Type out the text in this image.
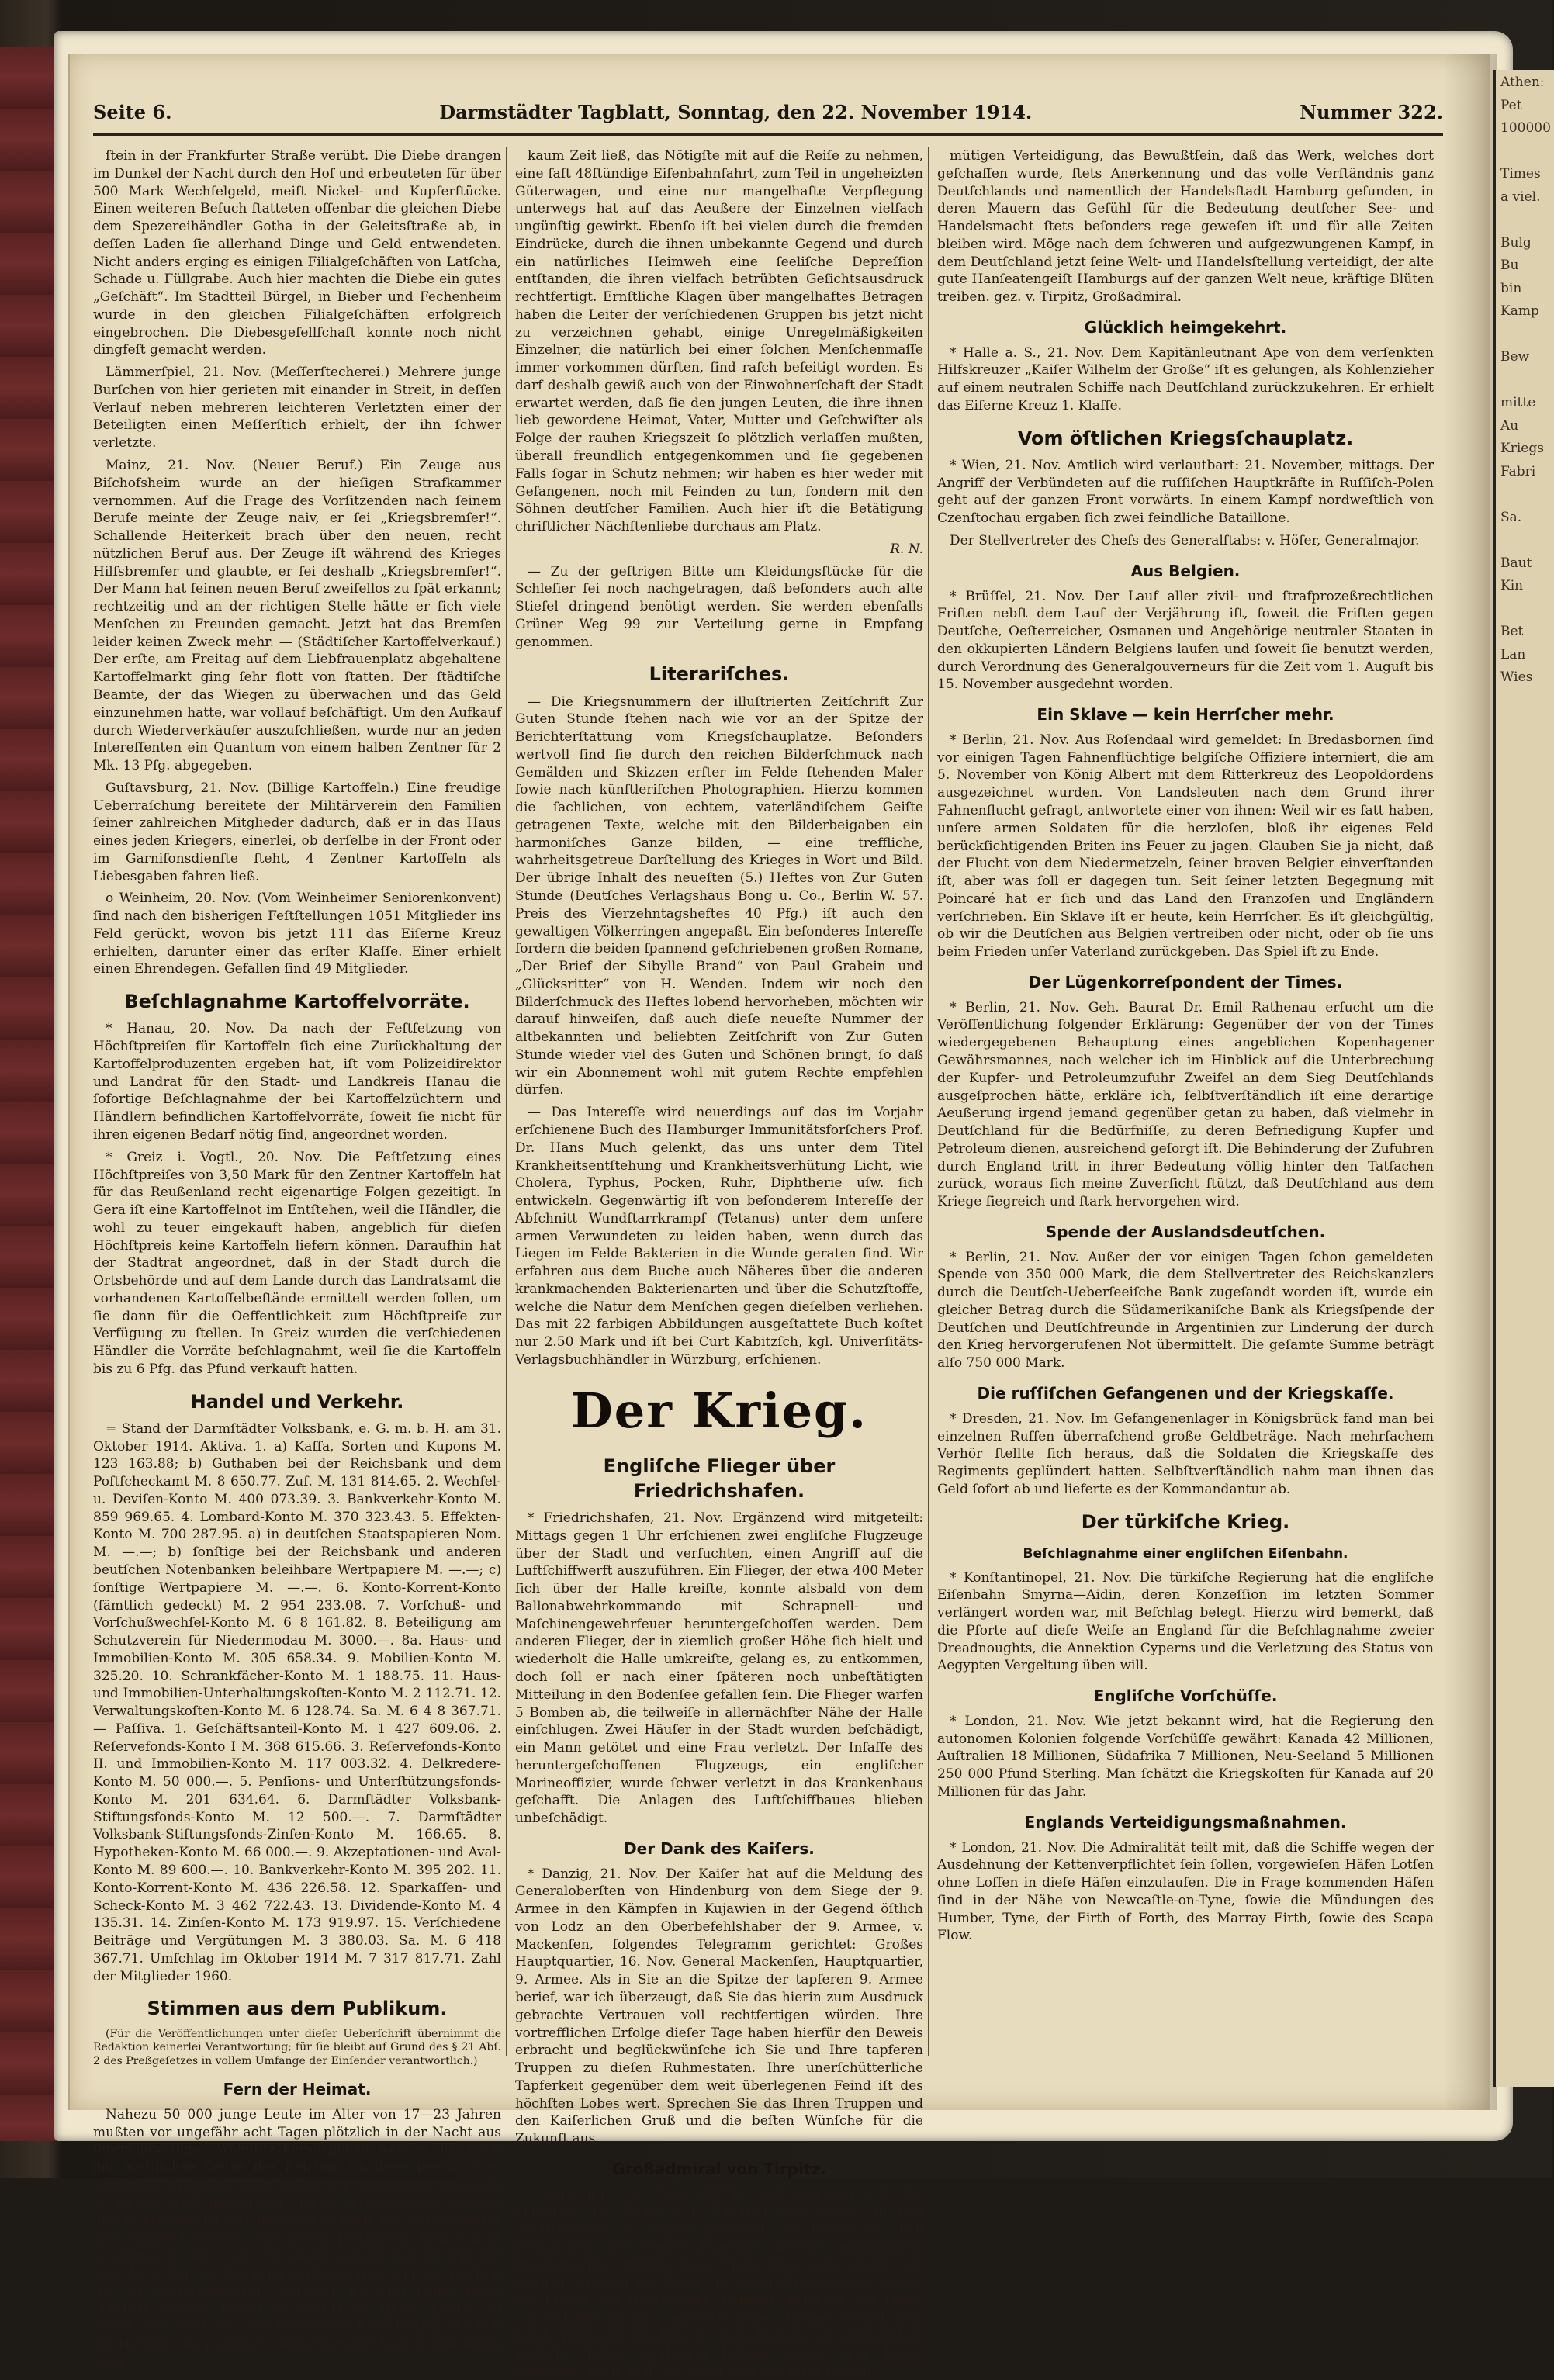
Seite 6.	Darmstädter Tagblatt, Sonntag, den 22. November 1914.	Nummer 322.

ſtein in der Frankfurter Straße verübt. Die Diebe drangen im Dunkel der Nacht durch den Hof und erbeuteten für über 500 Mark Wechſelgeld, meiſt Nickel- und Kupferſtücke. Einen weiteren Beſuch ſtatteten offenbar die gleichen Diebe dem Spezereihändler Gotha in der Geleitsſtraße ab, in deſſen Laden ſie allerhand Dinge und Geld entwendeten. Nicht anders erging es einigen Filialgeſchäften von Latſcha, Schade u. Füllgrabe. Auch hier machten die Diebe ein gutes „Geſchäft“. Im Stadtteil Bürgel, in Bieber und Fechenheim wurde in den gleichen Filialgeſchäften erfolgreich eingebrochen. Die Diebesgeſellſchaft konnte noch nicht dingfeſt gemacht werden.

Lämmerſpiel, 21. Nov. (Meſſerſtecherei.) Mehrere junge Burſchen von hier gerieten mit einander in Streit, in deſſen Verlauf neben mehreren leichteren Verletzten einer der Beteiligten einen Meſſerſtich erhielt, der ihn ſchwer verletzte.

Mainz, 21. Nov. (Neuer Beruf.) Ein Zeuge aus Biſchofsheim wurde an der hieſigen Strafkammer vernommen. Auf die Frage des Vorſitzenden nach ſeinem Berufe meinte der Zeuge naiv, er ſei „Kriegsbremſer!“. Schallende Heiterkeit brach über den neuen, recht nützlichen Beruf aus. Der Zeuge iſt während des Krieges Hilfsbremſer und glaubte, er ſei deshalb „Kriegsbremſer!“. Der Mann hat ſeinen neuen Beruf zweifellos zu ſpät erkannt; rechtzeitig und an der richtigen Stelle hätte er ſich viele Menſchen zu Freunden gemacht. Jetzt hat das Bremſen leider keinen Zweck mehr. — (Städtiſcher Kartoffelverkauf.) Der erſte, am Freitag auf dem Liebfrauenplatz abgehaltene Kartoffelmarkt ging ſehr flott von ſtatten. Der ſtädtiſche Beamte, der das Wiegen zu überwachen und das Geld einzunehmen hatte, war vollauf beſchäftigt. Um den Aufkauf durch Wiederverkäufer auszuſchließen, wurde nur an jeden Intereſſenten ein Quantum von einem halben Zentner für 2 Mk. 13 Pfg. abgegeben.

Guſtavsburg, 21. Nov. (Billige Kartoffeln.) Eine freudige Ueberraſchung bereitete der Militärverein den Familien ſeiner zahlreichen Mitglieder dadurch, daß er in das Haus eines jeden Kriegers, einerlei, ob derſelbe in der Front oder im Garniſonsdienſte ſteht, 4 Zentner Kartoffeln als Liebesgaben fahren ließ.

o Weinheim, 20. Nov. (Vom Weinheimer Seniorenkonvent) ſind nach den bisherigen Feſtſtellungen 1051 Mitglieder ins Feld gerückt, wovon bis jetzt 111 das Eiſerne Kreuz erhielten, darunter einer das erſter Klaſſe. Einer erhielt einen Ehrendegen. Gefallen ſind 49 Mitglieder.

Beſchlagnahme Kartoffelvorräte.

* Hanau, 20. Nov. Da nach der Feſtſetzung von Höchſtpreiſen für Kartoffeln ſich eine Zurückhaltung der Kartoffelproduzenten ergeben hat, iſt vom Polizeidirektor und Landrat für den Stadt- und Landkreis Hanau die ſofortige Beſchlagnahme der bei Kartoffelzüchtern und Händlern befindlichen Kartoffelvorräte, ſoweit ſie nicht für ihren eigenen Bedarf nötig ſind, angeordnet worden.

* Greiz i. Vogtl., 20. Nov. Die Feſtſetzung eines Höchſtpreiſes von 3,50 Mark für den Zentner Kartoffeln hat für das Reußenland recht eigenartige Folgen gezeitigt. In Gera iſt eine Kartoffelnot im Entſtehen, weil die Händler, die wohl zu teuer eingekauft haben, angeblich für dieſen Höchſtpreis keine Kartoffeln liefern können. Daraufhin hat der Stadtrat angeordnet, daß in der Stadt durch die Ortsbehörde und auf dem Lande durch das Landratsamt die vorhandenen Kartoffelbeſtände ermittelt werden ſollen, um ſie dann für die Oeffentlichkeit zum Höchſtpreiſe zur Verfügung zu ſtellen. In Greiz wurden die verſchiedenen Händler die Vorräte beſchlagnahmt, weil ſie die Kartoffeln bis zu 6 Pfg. das Pfund verkauft hatten.

Handel und Verkehr.

= Stand der Darmſtädter Volksbank, e. G. m. b. H. am 31. Oktober 1914. Aktiva. 1. a) Kaſſa, Sorten und Kupons M. 123 163.88; b) Guthaben bei der Reichsbank und dem Poſtſcheckamt M. 8 650.77. Zuſ. M. 131 814.65. 2. Wechſel- u. Deviſen-Konto M. 400 073.39. 3. Bankverkehr-Konto M. 859 969.65. 4. Lombard-Konto M. 370 323.43. 5. Effekten-Konto M. 700 287.95. a) in deutſchen Staatspapieren Nom. M. —.—; b) ſonſtige bei der Reichsbank und anderen beutſchen Notenbanken beleihbare Wertpapiere M. —.—; c) ſonſtige Wertpapiere M. —.—. 6. Konto-Korrent-Konto (ſämtlich gedeckt) M. 2 954 233.08. 7. Vorſchuß- und Vorſchußwechſel-Konto M. 6 8 161.82. 8. Beteiligung am Schutzverein für Niedermodau M. 3000.—. 8a. Haus- und Immobilien-Konto M. 305 658.34. 9. Mobilien-Konto M. 325.20. 10. Schrankfächer-Konto M. 1 188.75. 11. Haus- und Immobilien-Unterhaltungskoſten-Konto M. 2 112.71. 12. Verwaltungskoſten-Konto M. 6 128.74. Sa. M. 6 4 8 367.71. — Paſſiva. 1. Geſchäftsanteil-Konto M. 1 427 609.06. 2. Reſervefonds-Konto I M. 368 615.66. 3. Reſervefonds-Konto II. und Immobilien-Konto M. 117 003.32. 4. Delkredere-Konto M. 50 000.—. 5. Penſions- und Unterſtützungsfonds-Konto M. 201 634.64. 6. Darmſtädter Volksbank-Stiftungsfonds-Konto M. 12 500.—. 7. Darmſtädter Volksbank-Stiftungsfonds-Zinſen-Konto M. 166.65. 8. Hypotheken-Konto M. 66 000.—. 9. Akzeptationen- und Aval-Konto M. 89 600.—. 10. Bankverkehr-Konto M. 395 202. 11. Konto-Korrent-Konto M. 436 226.58. 12. Sparkaſſen- und Scheck-Konto M. 3 462 722.43. 13. Dividende-Konto M. 4 135.31. 14. Zinſen-Konto M. 173 919.97. 15. Verſchiedene Beiträge und Vergütungen M. 3 380.03. Sa. M. 6 418 367.71. Umſchlag im Oktober 1914 M. 7 317 817.71. Zahl der Mitglieder 1960.

Stimmen aus dem Publikum.

(Für die Veröffentlichungen unter dieſer Ueberſchrift übernimmt die Redaktion keinerlei Verantwortung; für ſie bleibt auf Grund des § 21 Abſ. 2 des Preßgeſetzes in vollem Umfange der Einſender verantwortlich.)

Fern der Heimat.

Nahezu 50 000 junge Leute im Alter von 17—23 Jahren mußten vor ungefähr acht Tagen plötzlich in der Nacht aus ihrem jeweiligen Wohnſitz herausgeholt werden, um nach den weſtlichen Teilen des Reiches um ihrer perſönlichen Sicherheit willen geſchickt zu werden. 5000 davon ſind auch in unſere Stadt gekommen und in verſchiedenen Schulen uſw. in Maſſenquartiere gebracht worden, wo ſie beherbergt und verpflegt werden. Aus dieſem plötzlichen Aufbruch iſt es natürlich, daß viele von dieſen jungen Leuten nur mit dem Nötigſten an Kleidung verſehen ſind und die meiſten ſich in Geldverlegenheit befinden. Es wird daher recht herzlich gebeten, ſoweit es möglich iſt, dieſen Leuten zu helfen, was wohl auch aus Kreiſen der Bevölkerung, die ſich ein Herz für die jungen Schleſier bewahrt haben, geſchehen wird.

kaum Zeit ließ, das Nötigſte mit auf die Reiſe zu nehmen, eine faſt 48ſtündige Eiſenbahnfahrt, zum Teil in ungeheizten Güterwagen, und eine nur mangelhafte Verpflegung unterwegs hat auf das Aeußere der Einzelnen vielfach ungünſtig gewirkt. Ebenſo iſt bei vielen durch die fremden Eindrücke, durch die ihnen unbekannte Gegend und durch ein natürliches Heimweh eine ſeeliſche Depreſſion entſtanden, die ihren vielfach betrübten Geſichtsausdruck rechtfertigt. Ernſtliche Klagen über mangelhaftes Betragen haben die Leiter der verſchiedenen Gruppen bis jetzt nicht zu verzeichnen gehabt, einige Unregelmäßigkeiten Einzelner, die natürlich bei einer ſolchen Menſchenmaſſe immer vorkommen dürften, ſind raſch beſeitigt worden. Es darf deshalb gewiß auch von der Einwohnerſchaft der Stadt erwartet werden, daß ſie den jungen Leuten, die ihre ihnen lieb gewordene Heimat, Vater, Mutter und Geſchwiſter als Folge der rauhen Kriegszeit ſo plötzlich verlaſſen mußten, überall freundlich entgegenkommen und ſie gegebenen Falls ſogar in Schutz nehmen; wir haben es hier weder mit Gefangenen, noch mit Feinden zu tun, ſondern mit den Söhnen deutſcher Familien. Auch hier iſt die Betätigung chriſtlicher Nächſtenliebe durchaus am Platz.

R. N.

— Zu der geſtrigen Bitte um Kleidungsſtücke für die Schleſier ſei noch nachgetragen, daß beſonders auch alte Stiefel dringend benötigt werden. Sie werden ebenfalls Grüner Weg 99 zur Verteilung gerne in Empfang genommen.

Literariſches.

— Die Kriegsnummern der illuſtrierten Zeitſchrift Zur Guten Stunde ſtehen nach wie vor an der Spitze der Berichterſtattung vom Kriegsſchauplatze. Beſonders wertvoll ſind ſie durch den reichen Bilderſchmuck nach Gemälden und Skizzen erſter im Felde ſtehenden Maler ſowie nach künſtleriſchen Photographien. Hierzu kommen die ſachlichen, von echtem, vaterländiſchem Geiſte getragenen Texte, welche mit den Bilderbeigaben ein harmoniſches Ganze bilden, — eine treffliche, wahrheitsgetreue Darſtellung des Krieges in Wort und Bild. Der übrige Inhalt des neueſten (5.) Heftes von Zur Guten Stunde (Deutſches Verlagshaus Bong u. Co., Berlin W. 57. Preis des Vierzehntagsheftes 40 Pfg.) iſt auch den gewaltigen Völkerringen angepaßt. Ein beſonderes Intereſſe fordern die beiden ſpannend geſchriebenen großen Romane, „Der Brief der Sibylle Brand“ von Paul Grabein und „Glücksritter“ von H. Wenden. Indem wir noch den Bilderſchmuck des Heftes lobend hervorheben, möchten wir darauf hinweiſen, daß auch dieſe neueſte Nummer der altbekannten und beliebten Zeitſchrift von Zur Guten Stunde wieder viel des Guten und Schönen bringt, ſo daß wir ein Abonnement wohl mit gutem Rechte empfehlen dürfen.

— Das Intereſſe wird neuerdings auf das im Vorjahr erſchienene Buch des Hamburger Immunitätsforſchers Prof. Dr. Hans Much gelenkt, das uns unter dem Titel Krankheitsentſtehung und Krankheitsverhütung Licht, wie Cholera, Typhus, Pocken, Ruhr, Diphtherie uſw. ſich entwickeln. Gegenwärtig iſt von beſonderem Intereſſe der Abſchnitt Wundſtarrkrampf (Tetanus) unter dem unſere armen Verwundeten zu leiden haben, wenn durch das Liegen im Felde Bakterien in die Wunde geraten ſind. Wir erfahren aus dem Buche auch Näheres über die anderen krankmachenden Bakterienarten und über die Schutzſtoffe, welche die Natur dem Menſchen gegen dieſelben verliehen. Das mit 22 farbigen Abbildungen ausgeſtattete Buch koſtet nur 2.50 Mark und iſt bei Curt Kabitzſch, kgl. Univerſitäts-Verlagsbuchhändler in Würzburg, erſchienen.

Der Krieg.
Engliſche Flieger über Friedrichshafen.

* Friedrichshafen, 21. Nov. Ergänzend wird mitgeteilt: Mittags gegen 1 Uhr erſchienen zwei engliſche Flugzeuge über der Stadt und verſuchten, einen Angriff auf die Luftſchiffwerft auszuführen. Ein Flieger, der etwa 400 Meter ſich über der Halle kreiſte, konnte alsbald von dem Ballonabwehrkommando mit Schrapnell- und Maſchinengewehrfeuer heruntergeſchoſſen werden. Dem anderen Flieger, der in ziemlich großer Höhe ſich hielt und wiederholt die Halle umkreiſte, gelang es, zu entkommen, doch ſoll er nach einer ſpäteren noch unbeſtätigten Mitteilung in den Bodenſee gefallen ſein. Die Flieger warfen 5 Bomben ab, die teilweiſe in allernächſter Nähe der Halle einſchlugen. Zwei Häuſer in der Stadt wurden beſchädigt, ein Mann getötet und eine Frau verletzt. Der Inſaſſe des heruntergeſchoſſenen Flugzeugs, ein engliſcher Marineoffizier, wurde ſchwer verletzt in das Krankenhaus geſchafft. Die Anlagen des Luftſchiffbaues blieben unbeſchädigt.

Der Dank des Kaiſers.

* Danzig, 21. Nov. Der Kaiſer hat auf die Meldung des Generaloberſten von Hindenburg von dem Siege der 9. Armee in den Kämpfen in Kujawien in der Gegend öſtlich von Lodz an den Oberbefehlshaber der 9. Armee, v. Mackenſen, folgendes Telegramm gerichtet: Großes Hauptquartier, 16. Nov. General Mackenſen, Hauptquartier, 9. Armee. Als in Sie an die Spitze der tapferen 9. Armee berief, war ich überzeugt, daß Sie das hierin zum Ausdruck gebrachte Vertrauen voll rechtfertigen würden. Ihre vortrefflichen Erfolge dieſer Tage haben hierfür den Beweis erbracht und beglückwünſche ich Sie und Ihre tapferen Truppen zu dieſen Ruhmestaten. Ihre unerſchütterliche Tapferkeit gegenüber dem weit überlegenen Feind iſt des höchſten Lobes wert. Sprechen Sie das Ihren Truppen und den Kaiſerlichen Gruß und die beſten Wünſche für die Zukunft aus.

Großadmiral von Tirpitz.

* Hamburg, 21. Nov. (W.T.B. Nichtamtlich.) Auf das anläßlich des Falles von Tſingtau vom Senat an den Staatsſekretär v. Tirpitz gerichtete Schreiben iſt dem Präſidenten des Senats folgende Antwort zugegangen: Bürgermeiſter Predöhl: Euer Magnifizenz ſage ich für die warmen, erhebenden Worte, die Sie als Präſident des Senats der Freien und Hanſe-Stadt Hamburg anläßlich des Falles von Tſingtau an mich gerichtet haben, meinen aufrichtigen Dank. Wenn mir bei dem für mich beſonders ſchmerzlichen Verluſte dieſer herrlichen Kolonie etwas zum Troſte gereichen kann, ſo iſt es, abgeſehen von ihrer helden-

mütigen Verteidigung, das Bewußtſein, daß das Werk, welches dort geſchaffen wurde, ſtets Anerkennung und das volle Verſtändnis ganz Deutſchlands und namentlich der Handelsſtadt Hamburg gefunden, in deren Mauern das Gefühl für die Bedeutung deutſcher See- und Handelsmacht ſtets beſonders rege geweſen iſt und für alle Zeiten bleiben wird. Möge nach dem ſchweren und aufgezwungenen Kampf, in dem Deutſchland jetzt ſeine Welt- und Handelsſtellung verteidigt, der alte gute Hanſeatengeiſt Hamburgs auf der ganzen Welt neue, kräftige Blüten treiben. gez. v. Tirpitz, Großadmiral.

Glücklich heimgekehrt.

* Halle a. S., 21. Nov. Dem Kapitänleutnant Ape von dem verſenkten Hilfskreuzer „Kaiſer Wilhelm der Große“ iſt es gelungen, als Kohlenzieher auf einem neutralen Schiffe nach Deutſchland zurückzukehren. Er erhielt das Eiſerne Kreuz 1. Klaſſe.

Vom öſtlichen Kriegsſchauplatz.

* Wien, 21. Nov. Amtlich wird verlautbart: 21. November, mittags. Der Angriff der Verbündeten auf die ruſſiſchen Hauptkräfte in Ruſſiſch-Polen geht auf der ganzen Front vorwärts. In einem Kampf nordweſtlich von Czenſtochau ergaben ſich zwei feindliche Bataillone.

Der Stellvertreter des Chefs des Generalſtabs: v. Höfer, Generalmajor.

Aus Belgien.

* Brüſſel, 21. Nov. Der Lauf aller zivil- und ſtrafprozeßrechtlichen Friſten nebſt dem Lauf der Verjährung iſt, ſoweit die Friſten gegen Deutſche, Oeſterreicher, Osmanen und Angehörige neutraler Staaten in den okkupierten Ländern Belgiens laufen und ſoweit ſie benutzt werden, durch Verordnung des Generalgouverneurs für die Zeit vom 1. Auguſt bis 15. November ausgedehnt worden.

Ein Sklave — kein Herrſcher mehr.

* Berlin, 21. Nov. Aus Roſendaal wird gemeldet: In Bredasbornen ſind vor einigen Tagen Fahnenflüchtige belgiſche Offiziere interniert, die am 5. November von König Albert mit dem Ritterkreuz des Leopoldordens ausgezeichnet wurden. Von Landsleuten nach dem Grund ihrer Fahnenflucht gefragt, antwortete einer von ihnen: Weil wir es ſatt haben, unſere armen Soldaten für die herzloſen, bloß ihr eigenes Feld berückſichtigenden Briten ins Feuer zu jagen. Glauben Sie ja nicht, daß der Flucht von dem Niedermetzeln, ſeiner braven Belgier einverſtanden iſt, aber was ſoll er dagegen tun. Seit ſeiner letzten Begegnung mit Poincaré hat er ſich und das Land den Franzoſen und Engländern verſchrieben. Ein Sklave iſt er heute, kein Herrſcher. Es iſt gleichgültig, ob wir die Deutſchen aus Belgien vertreiben oder nicht, oder ob ſie uns beim Frieden unſer Vaterland zurückgeben. Das Spiel iſt zu Ende.

Der Lügenkorreſpondent der Times.

* Berlin, 21. Nov. Geh. Baurat Dr. Emil Rathenau erſucht um die Veröffentlichung folgender Erklärung: Gegenüber der von der Times wiedergegebenen Behauptung eines angeblichen Kopenhagener Gewährsmannes, nach welcher ich im Hinblick auf die Unterbrechung der Kupfer- und Petroleumzufuhr Zweifel an dem Sieg Deutſchlands ausgeſprochen hätte, erkläre ich, ſelbſtverſtändlich iſt eine derartige Aeußerung irgend jemand gegenüber getan zu haben, daß vielmehr in Deutſchland für die Bedürfniſſe, zu deren Befriedigung Kupfer und Petroleum dienen, ausreichend geſorgt iſt. Die Behinderung der Zufuhren durch England tritt in ihrer Bedeutung völlig hinter den Tatſachen zurück, woraus ſich meine Zuverſicht ſtützt, daß Deutſchland aus dem Kriege ſiegreich und ſtark hervorgehen wird.

Spende der Auslandsdeutſchen.

* Berlin, 21. Nov. Außer der vor einigen Tagen ſchon gemeldeten Spende von 350 000 Mark, die dem Stellvertreter des Reichskanzlers durch die Deutſch-Ueberſeeiſche Bank zugeſandt worden iſt, wurde ein gleicher Betrag durch die Südamerikaniſche Bank als Kriegsſpende der Deutſchen und Deutſchfreunde in Argentinien zur Linderung der durch den Krieg hervorgerufenen Not übermittelt. Die geſamte Summe beträgt alſo 750 000 Mark.

Die ruſſiſchen Gefangenen und der Kriegskaſſe.

* Dresden, 21. Nov. Im Gefangenenlager in Königsbrück fand man bei einzelnen Ruſſen überraſchend große Geldbeträge. Nach mehrfachem Verhör ſtellte ſich heraus, daß die Soldaten die Kriegskaſſe des Regiments geplündert hatten. Selbſtverſtändlich nahm man ihnen das Geld ſofort ab und lieferte es der Kommandantur ab.

Der türkiſche Krieg.
Beſchlagnahme einer engliſchen Eiſenbahn.

* Konſtantinopel, 21. Nov. Die türkiſche Regierung hat die engliſche Eiſenbahn Smyrna—Aidin, deren Konzeſſion im letzten Sommer verlängert worden war, mit Beſchlag belegt. Hierzu wird bemerkt, daß die Pforte auf dieſe Weiſe an England für die Beſchlagnahme zweier Dreadnoughts, die Annektion Cyperns und die Verletzung des Status von Aegypten Vergeltung üben will.

Engliſche Vorſchüſſe.

* London, 21. Nov. Wie jetzt bekannt wird, hat die Regierung den autonomen Kolonien folgende Vorſchüſſe gewährt: Kanada 42 Millionen, Auſtralien 18 Millionen, Südafrika 7 Millionen, Neu-Seeland 5 Millionen 250 000 Pfund Sterling. Man ſchätzt die Kriegskoſten für Kanada auf 20 Millionen für das Jahr.

Englands Verteidigungsmaßnahmen.

* London, 21. Nov. Die Admiralität teilt mit, daß die Schiffe wegen der Ausdehnung der Kettenverpflichtet ſein ſollen, vorgewieſen Häfen Lotſen ohne Loſſen in dieſe Häfen einzulaufen. Die in Frage kommenden Häfen ſind in der Nähe von Newcaſtle-on-Tyne, ſowie die Mündungen des Humber, Tyne, der Firth of Forth, des Marray Firth, ſowie des Scapa Flow.

Athen:

Pet

100000

Times

a viel.

Bulg

Bu

bin

Kamp

Bew

mitte

Au

Kriegs

Fabri

Sa.

Baut

Kin

Bet

Lan

Wies
